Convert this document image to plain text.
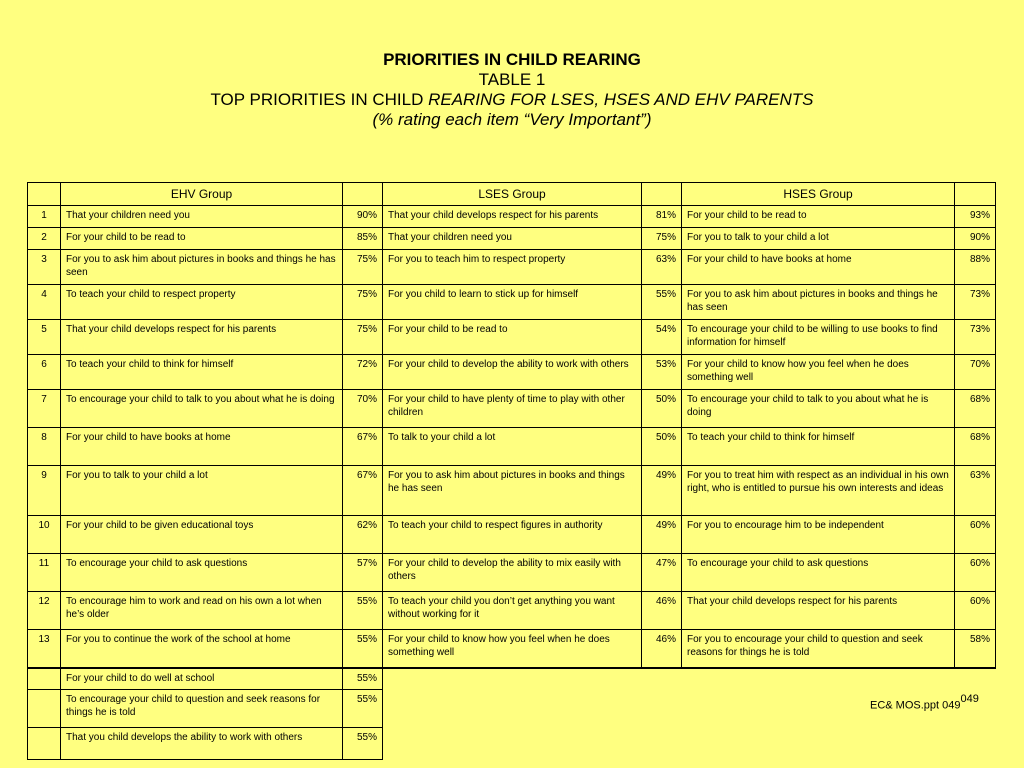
PRIORITIES IN CHILD REARING
TABLE 1
TOP PRIORITIES IN CHILD REARING FOR LSES, HSES AND EHV PARENTS
(% rating each item “Very Important”)
	EHV Group		LSES Group		HSES Group	
1	That your children need you	90%	That your child develops respect for his parents	81%	For your child to be read to	93%
2	For your child to be read to	85%	That your children need you	75%	For you to talk to your child a lot	90%
3	For you to ask him about pictures in books and things he has seen	75%	For you to teach him to respect property	63%	For your child to have books at home	88%
4	To teach your child to respect property	75%	For you child to learn to stick up for himself	55%	For you to ask him about pictures in books and things he has seen	73%
5	That your child develops respect for his parents	75%	For your child to be read to	54%	To encourage your child to be willing to use books to find information for himself	73%
6	To teach your child to think for himself	72%	For your child to develop the ability to work with others	53%	For your child to know how you feel when he does something well	70%
7	To encourage your child to talk to you about what he is doing	70%	For your child to have plenty of time to play with other children	50%	To encourage your child to talk to you about what he is doing	68%
8	For your child to have books at home	67%	To talk to your child a lot	50%	To teach your child to think for himself	68%
9	For you to talk to your child a lot	67%	For you to ask him about pictures in books and things he has seen	49%	For you to treat him with respect as an individual in his own right, who is entitled to pursue his own interests and ideas	63%
10	For your child to be given educational toys	62%	To teach your child to respect figures in authority	49%	For you to encourage him to be independent	60%
11	To encourage your child to ask questions	57%	For your child to develop the ability to mix easily with others	47%	To encourage your child to ask questions	60%
12	To encourage him to work and read on his own a lot when he’s older	55%	To teach your child you don’t get anything you want without working for it	46%	That your child develops respect for his parents	60%
13	For you to continue the work of the school at home	55%	For your child to know how you feel when he does something well	46%	For you to encourage your child to question and seek reasons for things he is told	58%
	For your child to do well at school	55%				
	To encourage your child to question and seek reasons for things he is told	55%				
	That you child develops the ability to work with others	55%				
EC& MOS.ppt $049^{049}$
